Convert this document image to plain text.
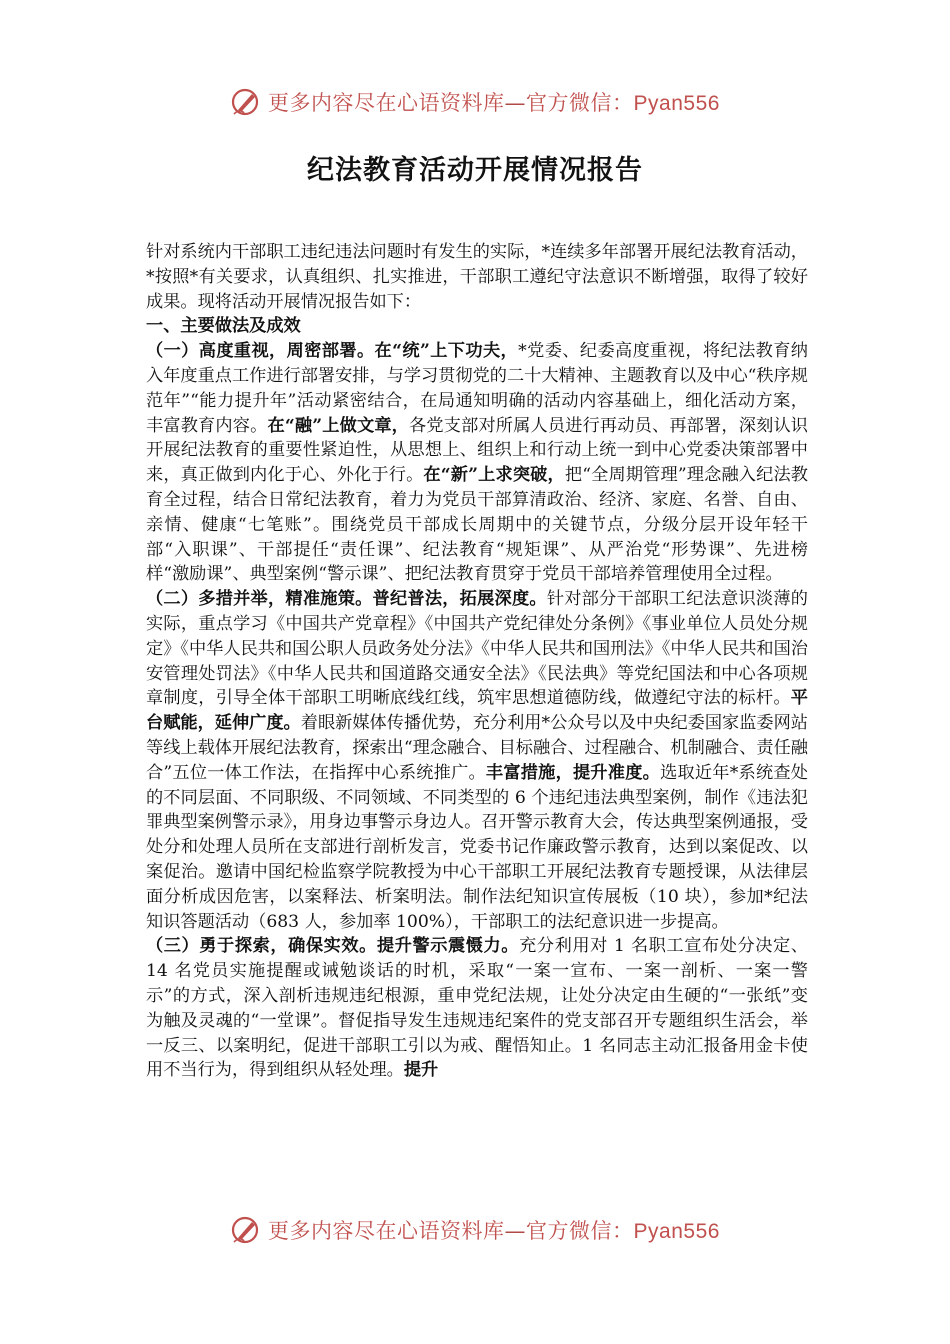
更多内容尽在心语资料库—官方微信：Pyan556
纪法教育活动开展情况报告

针对系统内干部职工违纪违法问题时有发生的实际，*连续多年部署开展纪法教育活动，*按照*有关要求，认真组织、扎实推进，干部职工遵纪守法意识不断增强，取得了较好成果。现将活动开展情况报告如下：

一、主要做法及成效

（一）高度重视，周密部署。在“统”上下功夫，*党委、纪委高度重视，将纪法教育纳入年度重点工作进行部署安排，与学习贯彻党的二十大精神、主题教育以及中心“秩序规范年”“能力提升年”活动紧密结合，在局通知明确的活动内容基础上，细化活动方案，丰富教育内容。在“融”上做文章，各党支部对所属人员进行再动员、再部署，深刻认识开展纪法教育的重要性紧迫性，从思想上、组织上和行动上统一到中心党委决策部署中来，真正做到内化于心、外化于行。在“新”上求突破，把“全周期管理”理念融入纪法教育全过程，结合日常纪法教育，着力为党员干部算清政治、经济、家庭、名誉、自由、亲情、健康“七笔账”。围绕党员干部成长周期中的关键节点，分级分层开设年轻干部“入职课”、干部提任“责任课”、纪法教育“规矩课”、从严治党“形势课”、先进榜样“激励课”、典型案例“警示课”、把纪法教育贯穿于党员干部培养管理使用全过程。

（二）多措并举，精准施策。普纪普法，拓展深度。针对部分干部职工纪法意识淡薄的实际，重点学习《中国共产党章程》《中国共产党纪律处分条例》《事业单位人员处分规定》《中华人民共和国公职人员政务处分法》《中华人民共和国刑法》《中华人民共和国治安管理处罚法》《中华人民共和国道路交通安全法》《民法典》等党纪国法和中心各项规章制度，引导全体干部职工明晰底线红线，筑牢思想道德防线，做遵纪守法的标杆。平台赋能，延伸广度。着眼新媒体传播优势，充分利用*公众号以及中央纪委国家监委网站等线上载体开展纪法教育，探索出“理念融合、目标融合、过程融合、机制融合、责任融合”五位一体工作法，在指挥中心系统推广。丰富措施，提升准度。选取近年*系统查处的不同层面、不同职级、不同领域、不同类型的 6 个违纪违法典型案例，制作《违法犯罪典型案例警示录》，用身边事警示身边人。召开警示教育大会，传达典型案例通报，受处分和处理人员所在支部进行剖析发言，党委书记作廉政警示教育，达到以案促改、以案促治。邀请中国纪检监察学院教授为中心干部职工开展纪法教育专题授课，从法律层面分析成因危害，以案释法、析案明法。制作法纪知识宣传展板（10 块），参加*纪法知识答题活动（683 人，参加率 100%），干部职工的法纪意识进一步提高。

（三）勇于探索，确保实效。提升警示震慑力。充分利用对 1 名职工宣布处分决定、14 名党员实施提醒或诫勉谈话的时机，采取“一案一宣布、一案一剖析、一案一警示”的方式，深入剖析违规违纪根源，重申党纪法规，让处分决定由生硬的“一张纸”变为触及灵魂的“一堂课”。督促指导发生违规违纪案件的党支部召开专题组织生活会，举一反三、以案明纪，促进干部职工引以为戒、醒悟知止。1 名同志主动汇报备用金卡使用不当行为，得到组织从轻处理。提升

更多内容尽在心语资料库—官方微信：Pyan556
